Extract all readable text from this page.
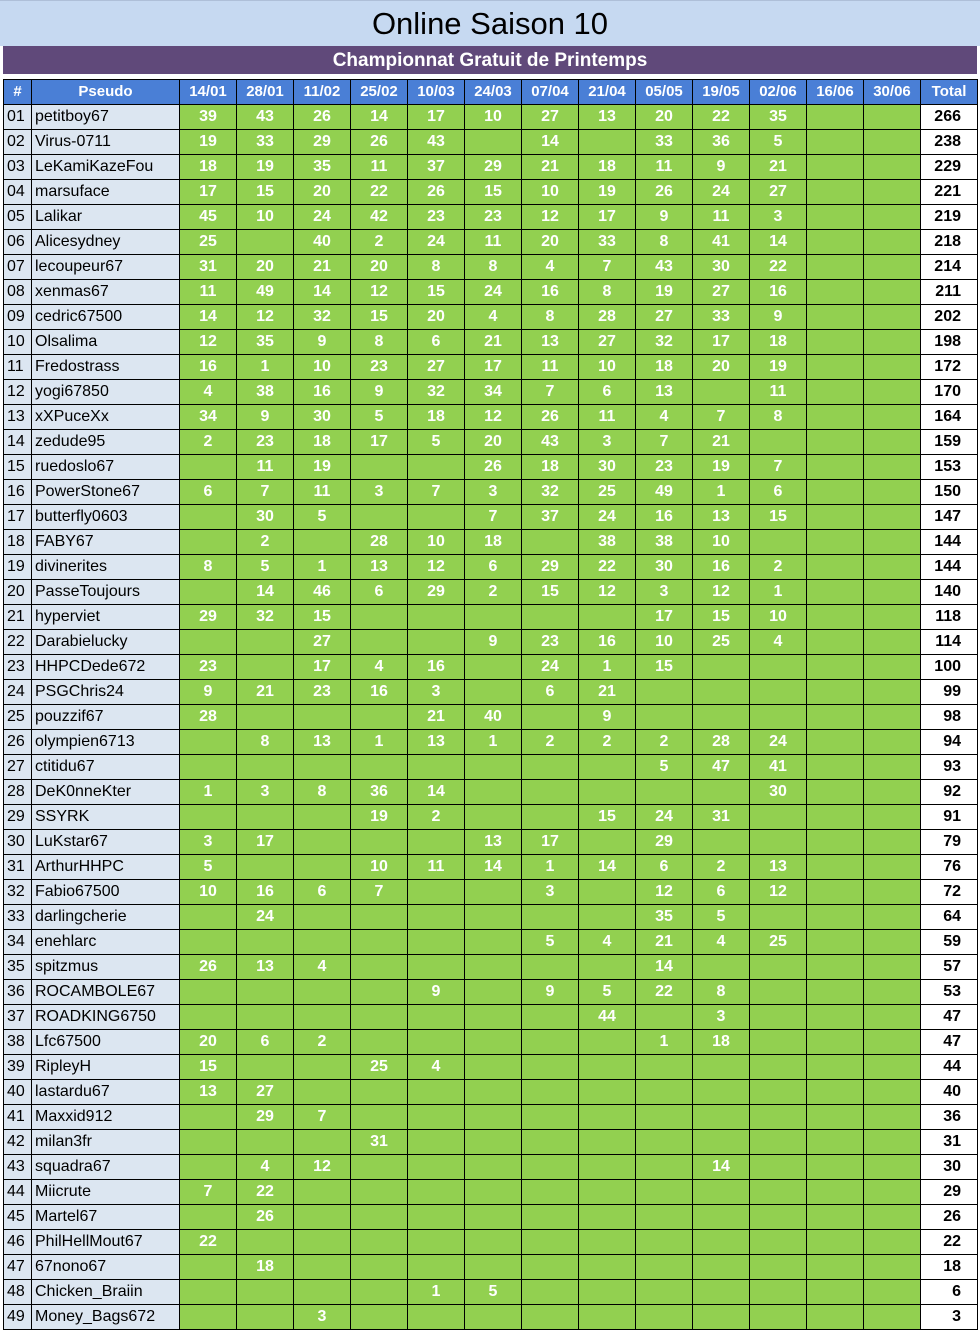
Online Saison 10
Championnat Gratuit de Printemps
#	Pseudo	14/01	28/01	11/02	25/02	10/03	24/03	07/04	21/04	05/05	19/05	02/06	16/06	30/06	Total
01	petitboy67	39	43	26	14	17	10	27	13	20	22	35			266
02	Virus-0711	19	33	29	26	43		14		33	36	5			238
03	LeKamiKazeFou	18	19	35	11	37	29	21	18	11	9	21			229
04	marsuface	17	15	20	22	26	15	10	19	26	24	27			221
05	Lalikar	45	10	24	42	23	23	12	17	9	11	3			219
06	Alicesydney	25		40	2	24	11	20	33	8	41	14			218
07	lecoupeur67	31	20	21	20	8	8	4	7	43	30	22			214
08	xenmas67	11	49	14	12	15	24	16	8	19	27	16			211
09	cedric67500	14	12	32	15	20	4	8	28	27	33	9			202
10	Olsalima	12	35	9	8	6	21	13	27	32	17	18			198
11	Fredostrass	16	1	10	23	27	17	11	10	18	20	19			172
12	yogi67850	4	38	16	9	32	34	7	6	13		11			170
13	xXPuceXx	34	9	30	5	18	12	26	11	4	7	8			164
14	zedude95	2	23	18	17	5	20	43	3	7	21				159
15	ruedoslo67		11	19			26	18	30	23	19	7			153
16	PowerStone67	6	7	11	3	7	3	32	25	49	1	6			150
17	butterfly0603		30	5			7	37	24	16	13	15			147
18	FABY67		2		28	10	18		38	38	10				144
19	divinerites	8	5	1	13	12	6	29	22	30	16	2			144
20	PasseToujours		14	46	6	29	2	15	12	3	12	1			140
21	hyperviet	29	32	15						17	15	10			118
22	Darabielucky			27			9	23	16	10	25	4			114
23	HHPCDede672	23		17	4	16		24	1	15					100
24	PSGChris24	9	21	23	16	3		6	21						99
25	pouzzif67	28				21	40		9						98
26	olympien6713		8	13	1	13	1	2	2	2	28	24			94
27	ctitidu67									5	47	41			93
28	DeK0nneKter	1	3	8	36	14						30			92
29	SSYRK				19	2			15	24	31				91
30	LuKstar67	3	17				13	17		29					79
31	ArthurHHPC	5			10	11	14	1	14	6	2	13			76
32	Fabio67500	10	16	6	7			3		12	6	12			72
33	darlingcherie		24							35	5				64
34	enehlarc							5	4	21	4	25			59
35	spitzmus	26	13	4						14					57
36	ROCAMBOLE67					9		9	5	22	8				53
37	ROADKING6750								44		3				47
38	Lfc67500	20	6	2						1	18				47
39	RipleyH	15			25	4									44
40	lastardu67	13	27												40
41	Maxxid912		29	7											36
42	milan3fr				31										31
43	squadra67		4	12							14				30
44	Miicrute	7	22												29
45	Martel67		26												26
46	PhilHellMout67	22													22
47	67nono67		18												18
48	Chicken_Braiin					1	5								6
49	Money_Bags672			3											3
